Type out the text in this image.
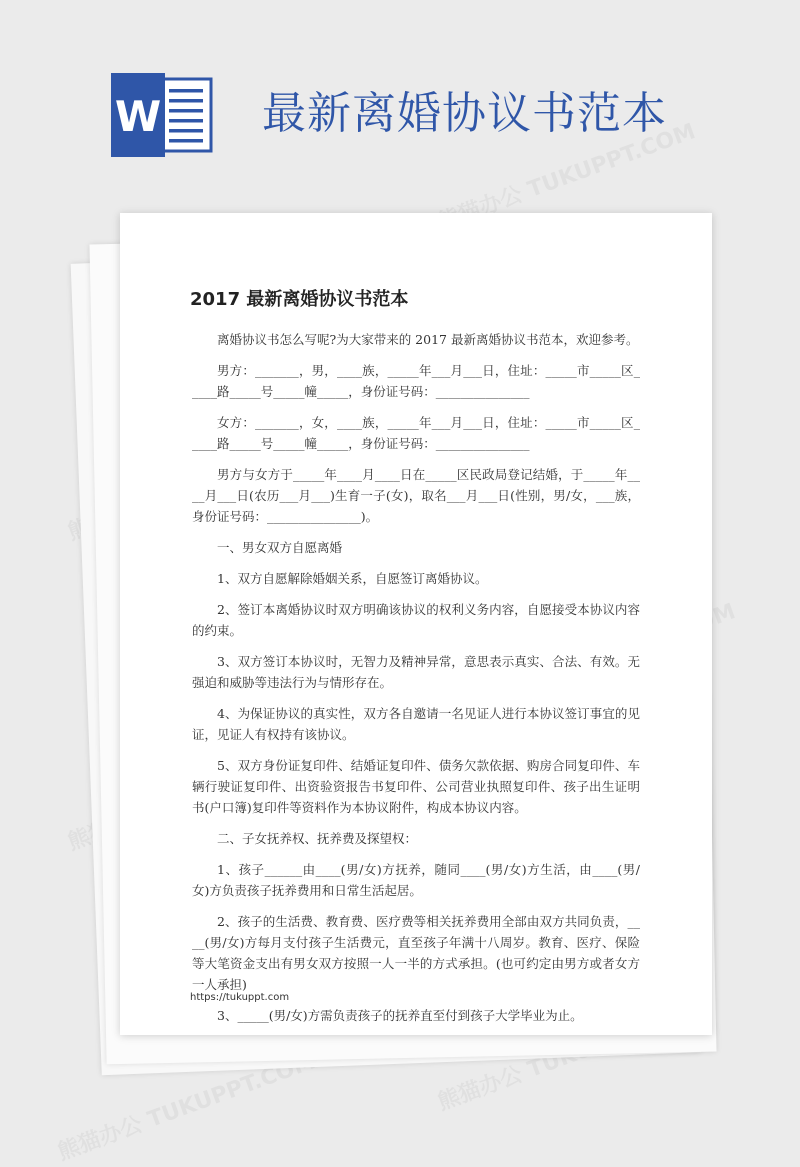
W 最新离婚协议书范本
2017 最新离婚协议书范本

离婚协议书怎么写呢?为大家带来的 2017 最新离婚协议书范本，欢迎参考。

男方：_______，男，____族，_____年___月___日，住址：_____市_____区_____路_____号_____幢_____，身份证号码：_______________

女方：_______，女，____族，_____年___月___日，住址：_____市_____区_____路_____号_____幢_____，身份证号码：_______________

男方与女方于_____年____月____日在_____区民政局登记结婚，于_____年____月___日(农历___月___)生育一子(女)，取名___月___日(性别，男/女，___族，身份证号码：_______________)。

一、男女双方自愿离婚

1、双方自愿解除婚姻关系，自愿签订离婚协议。

2、签订本离婚协议时双方明确该协议的权利义务内容，自愿接受本协议内容的约束。

3、双方签订本协议时，无智力及精神异常，意思表示真实、合法、有效。无强迫和威胁等违法行为与情形存在。

4、为保证协议的真实性，双方各自邀请一名见证人进行本协议签订事宜的见证，见证人有权持有该协议。

5、双方身份证复印件、结婚证复印件、债务欠款依据、购房合同复印件、车辆行驶证复印件、出资验资报告书复印件、公司营业执照复印件、孩子出生证明书(户口簿)复印件等资料作为本协议附件，构成本协议内容。

二、子女抚养权、抚养费及探望权：

1、孩子______由____(男/女)方抚养，随同____(男/女)方生活，由____(男/女)方负责孩子抚养费用和日常生活起居。

2、孩子的生活费、教育费、医疗费等相关抚养费用全部由双方共同负责，____(男/女)方每月支付孩子生活费元，直至孩子年满十八周岁。教育、医疗、保险等大笔资金支出有男女双方按照一人一半的方式承担。(也可约定由男方或者女方一人承担)

3、_____(男/女)方需负责孩子的抚养直至付到孩子大学毕业为止。

https://tukuppt.com
